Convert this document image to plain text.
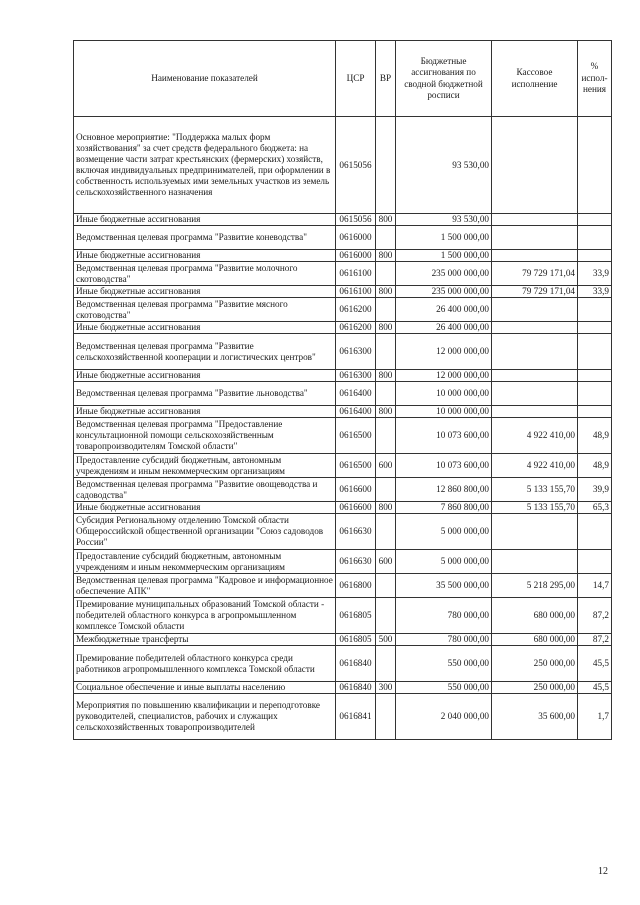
Наименование показателей	ЦСР	ВР	Бюджетные ассигнования по сводной бюджетной росписи	Кассовое исполнение	% испол-нения
Основное мероприятие: "Поддержка малых форм хозяйствования" за счет средств федерального бюджета: на возмещение части затрат крестьянских (фермерских) хозяйств, включая индивидуальных предпринимателей, при оформлении в собственность используемых ими земельных участков из земель сельскохозяйственного назначения	0615056		93 530,00		
Иные бюджетные ассигнования	0615056	800	93 530,00		
Ведомственная целевая программа "Развитие коневодства"	0616000		1 500 000,00		
Иные бюджетные ассигнования	0616000	800	1 500 000,00		
Ведомственная целевая программа "Развитие молочного скотоводства"	0616100		235 000 000,00	79 729 171,04	33,9
Иные бюджетные ассигнования	0616100	800	235 000 000,00	79 729 171,04	33,9
Ведомственная целевая программа "Развитие мясного скотоводства"	0616200		26 400 000,00		
Иные бюджетные ассигнования	0616200	800	26 400 000,00		
Ведомственная целевая программа "Развитие сельскохозяйственной кооперации и логистических центров"	0616300		12 000 000,00		
Иные бюджетные ассигнования	0616300	800	12 000 000,00		
Ведомственная целевая программа "Развитие льноводства"	0616400		10 000 000,00		
Иные бюджетные ассигнования	0616400	800	10 000 000,00		
Ведомственная целевая программа "Предоставление консультационной помощи сельскохозяйственным товаропроизводителям Томской области"	0616500		10 073 600,00	4 922 410,00	48,9
Предоставление субсидий бюджетным, автономным учреждениям и иным некоммерческим организациям	0616500	600	10 073 600,00	4 922 410,00	48,9
Ведомственная целевая программа "Развитие овощеводства и садоводства"	0616600		12 860 800,00	5 133 155,70	39,9
Иные бюджетные ассигнования	0616600	800	7 860 800,00	5 133 155,70	65,3
Субсидия Региональному отделению Томской области Общероссийской общественной организации "Союз садоводов России"	0616630		5 000 000,00		
Предоставление субсидий бюджетным, автономным учреждениям и иным некоммерческим организациям	0616630	600	5 000 000,00		
Ведомственная целевая программа "Кадровое и информационное обеспечение АПК"	0616800		35 500 000,00	5 218 295,00	14,7
Премирование муниципальных образований Томской области - победителей областного конкурса в агропромышленном комплексе Томской области	0616805		780 000,00	680 000,00	87,2
Межбюджетные трансферты	0616805	500	780 000,00	680 000,00	87,2
Премирование победителей областного конкурса среди работников агропромышленного комплекса Томской области	0616840		550 000,00	250 000,00	45,5
Социальное обеспечение и иные выплаты населению	0616840	300	550 000,00	250 000,00	45,5
Мероприятия по повышению квалификации и переподготовке руководителей, специалистов, рабочих и служащих сельскохозяйственных товаропроизводителей	0616841		2 040 000,00	35 600,00	1,7
12
